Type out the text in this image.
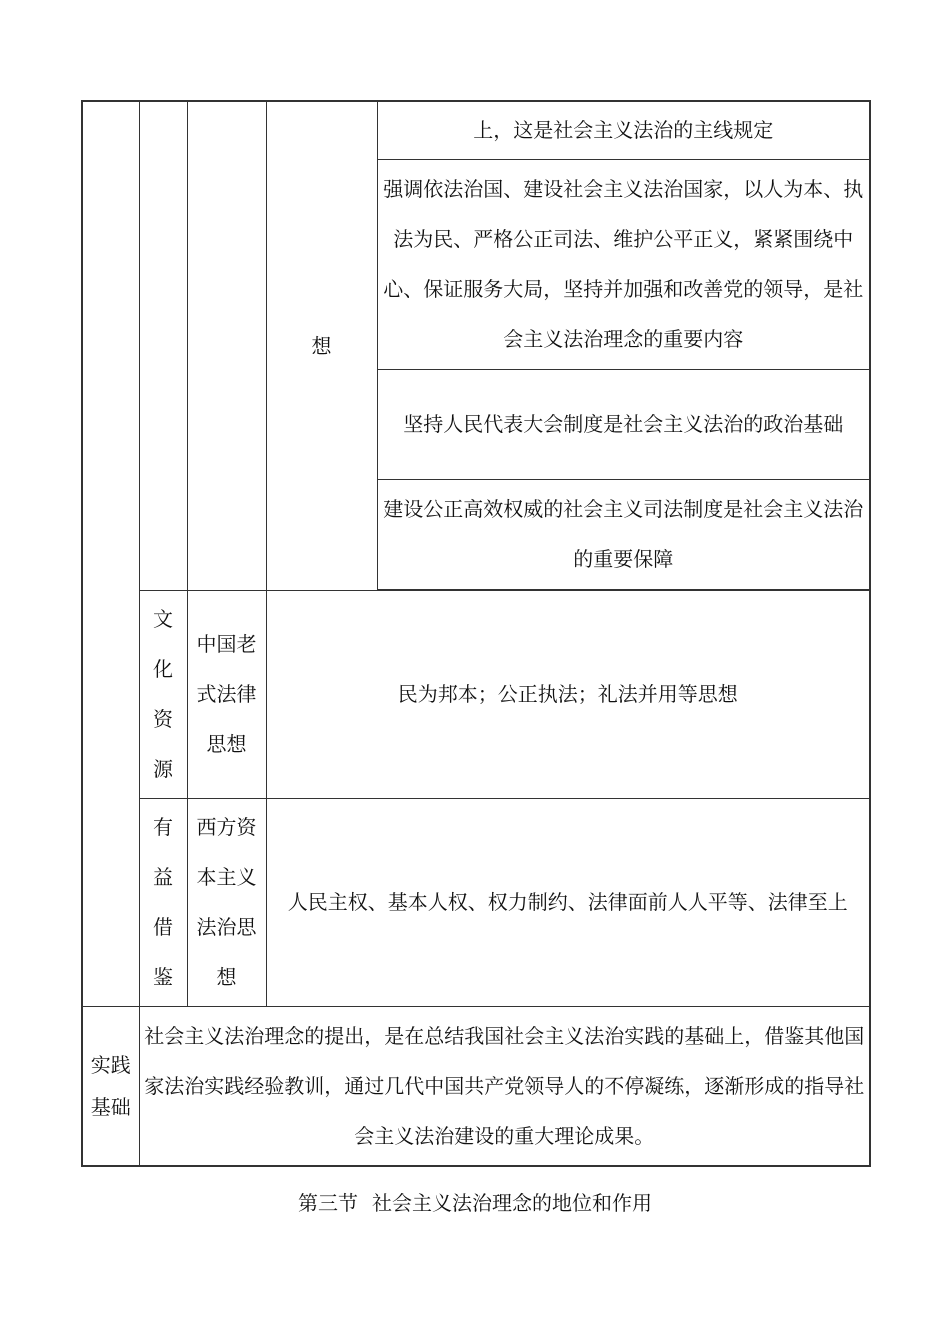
			想	上，这是社会主义法治的主线规定
				强调依法治国、建设社会主义法治国家，以人为本、执法为民、严格公正司法、维护公平正义，紧紧围绕中心、保证服务大局，坚持并加强和改善党的领导，是社会主义法治理念的重要内容
				坚持人民代表大会制度是社会主义法治的政治基础
				建设公正高效权威的社会主义司法制度是社会主义法治的重要保障

	文化资源	中国老式法律思想	民为邦本；公正执法；礼法并用等思想	

	有益借鉴	西方资本主义法治思想	人民主权、基本人权、权力制约、法律面前人人平等、法律至上	

实践基础	社会主义法治理念的提出，是在总结我国社会主义法治实践的基础上，借鉴其他国家法治实践经验教训，通过几代中国共产党领导人的不停凝练，逐渐形成的指导社会主义法治建设的重大理论成果。			
第三节 社会主义法治理念的地位和作用
